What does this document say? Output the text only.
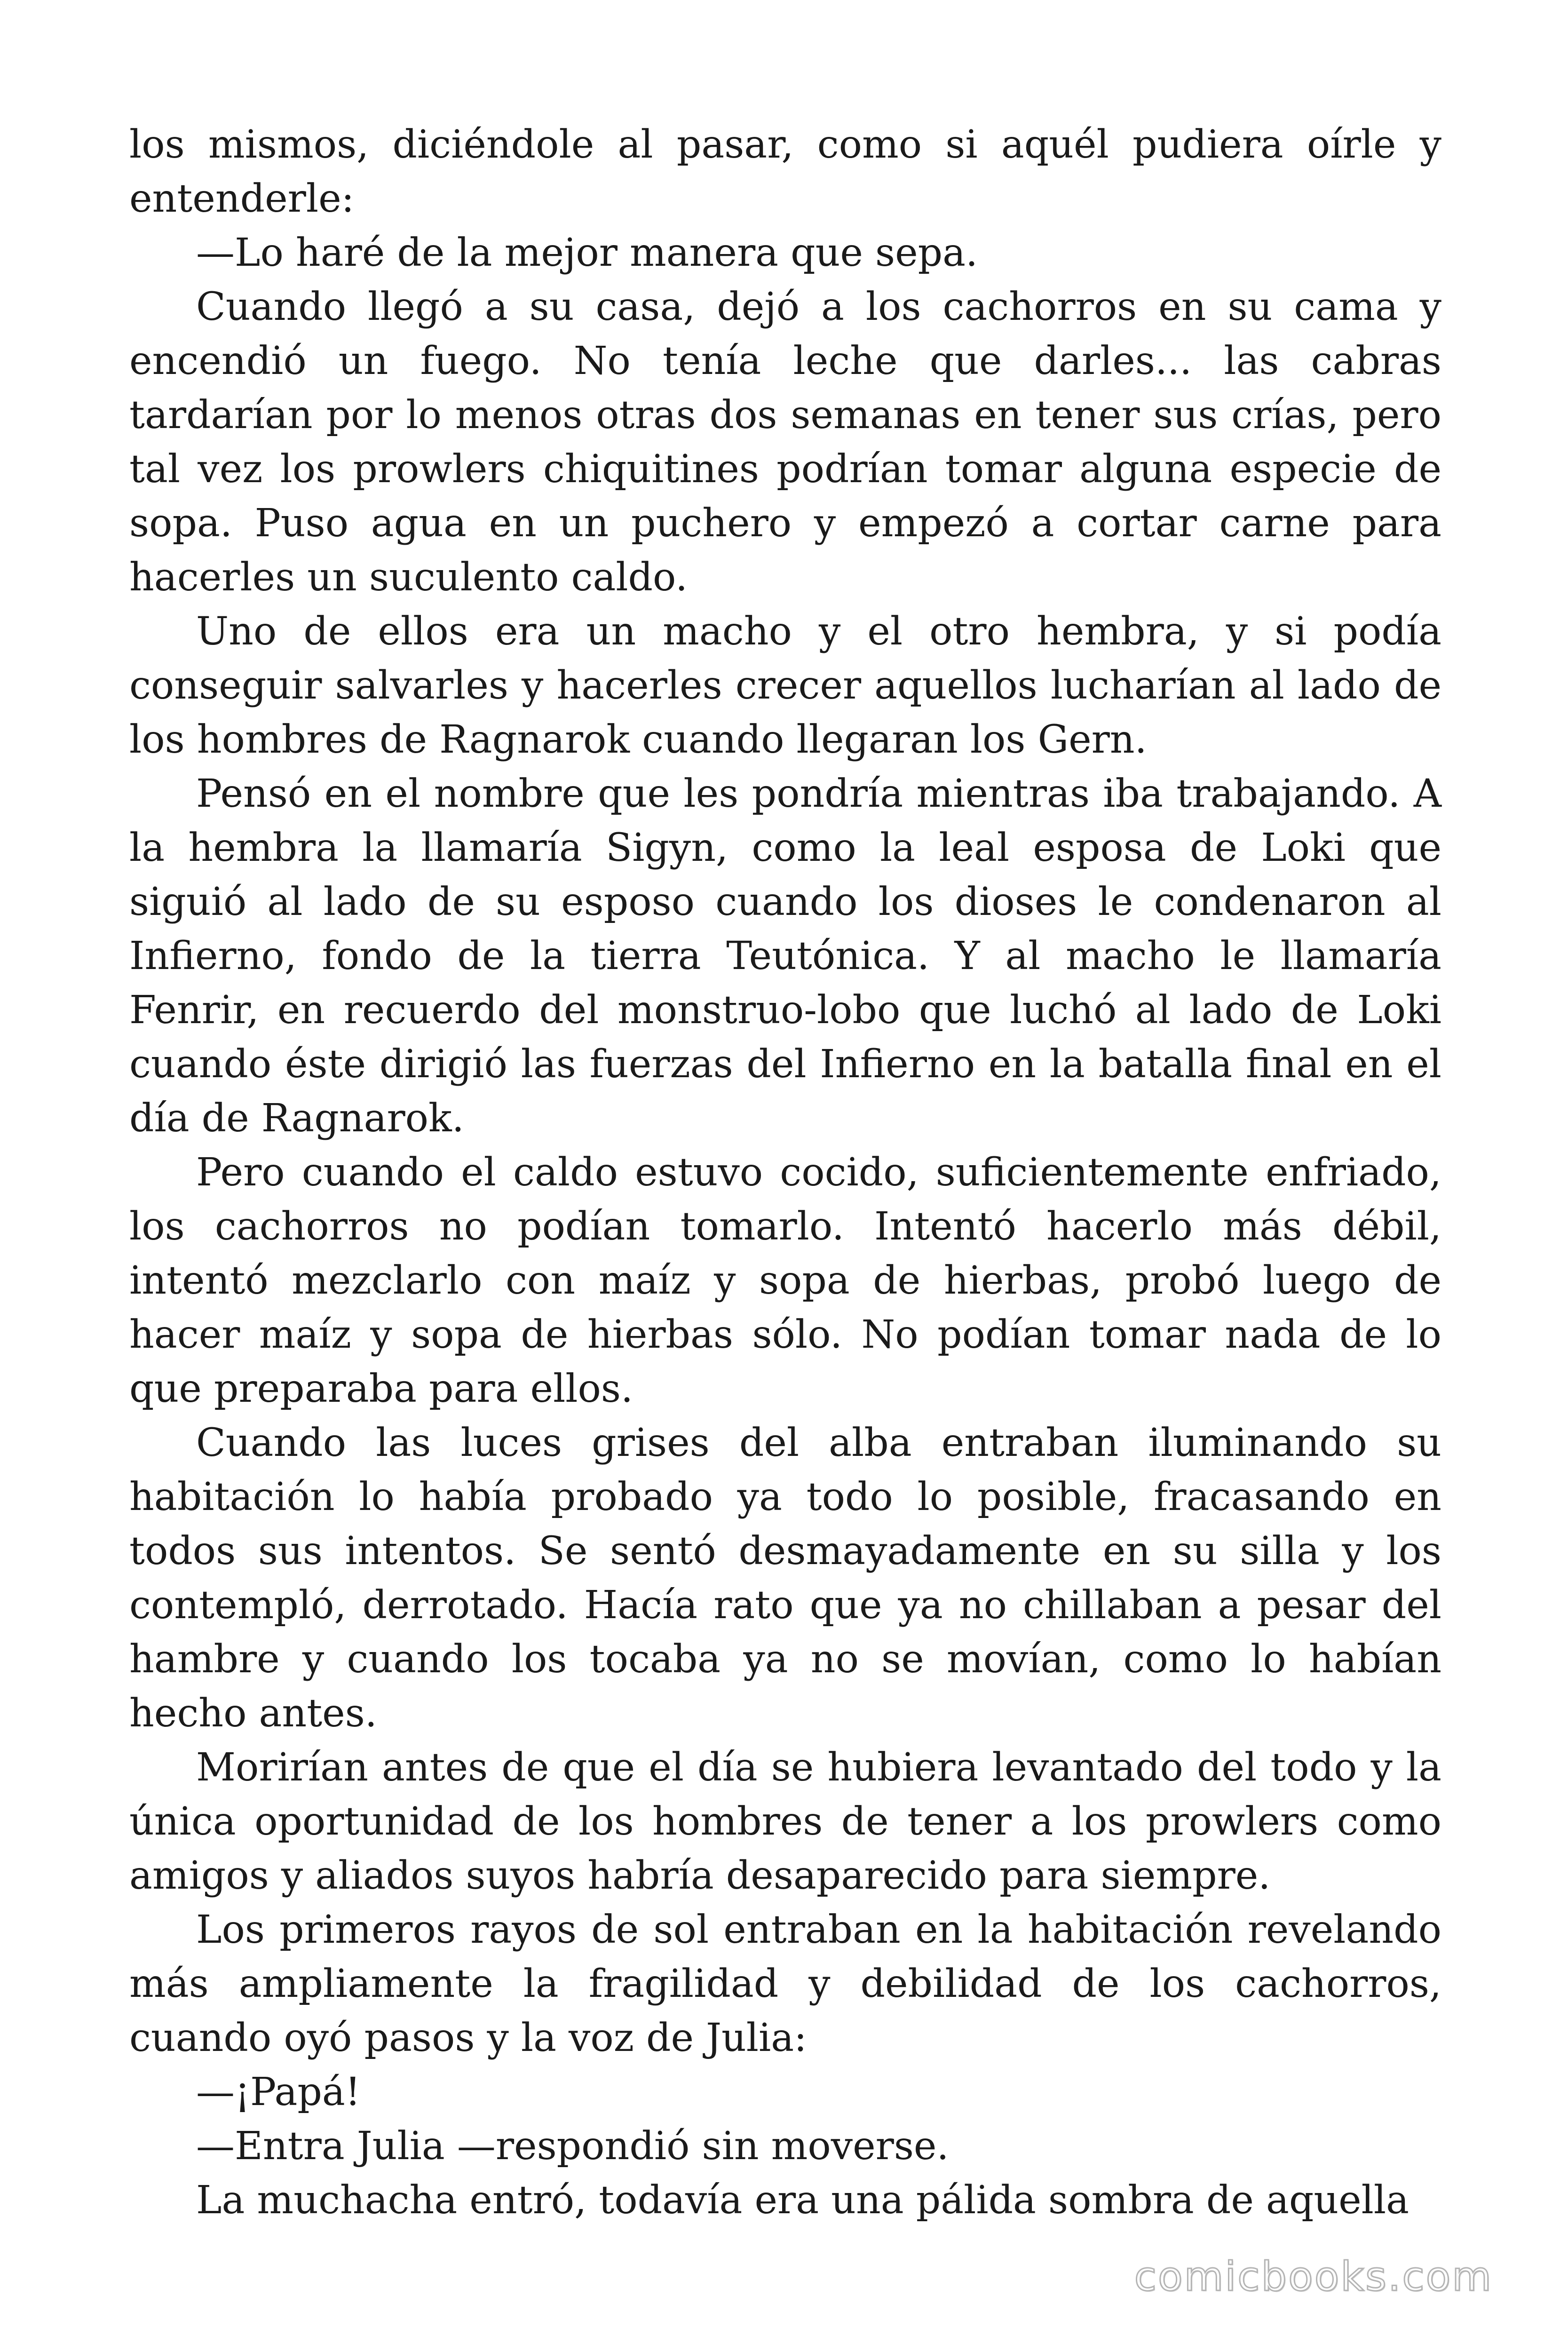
los mismos, diciéndole al pasar, como si aquél pudiera oírle y entenderle:

—Lo haré de la mejor manera que sepa.

Cuando llegó a su casa, dejó a los cachorros en su cama y encendió un fuego. No tenía leche que darles... las cabras tardarían por lo menos otras dos semanas en tener sus crías, pero tal vez los prowlers chiquitines podrían tomar alguna especie de sopa. Puso agua en un puchero y empezó a cortar carne para hacerles un suculento caldo.

Uno de ellos era un macho y el otro hembra, y si podía conseguir salvarles y hacerles crecer aquellos lucharían al lado de los hombres de Ragnarok cuando llegaran los Gern.

Pensó en el nombre que les pondría mientras iba trabajando. A la hembra la llamaría Sigyn, como la leal esposa de Loki que siguió al lado de su esposo cuando los dioses le condenaron al Infierno, fondo de la tierra Teutónica. Y al macho le llamaría Fenrir, en recuerdo del monstruo-lobo que luchó al lado de Loki cuando éste dirigió las fuerzas del Infierno en la batalla final en el día de Ragnarok.

Pero cuando el caldo estuvo cocido, suficientemente enfriado, los cachorros no podían tomarlo. Intentó hacerlo más débil, intentó mezclarlo con maíz y sopa de hierbas, probó luego de hacer maíz y sopa de hierbas sólo. No podían tomar nada de lo que preparaba para ellos.

Cuando las luces grises del alba entraban iluminando su habitación lo había probado ya todo lo posible, fracasando en todos sus intentos. Se sentó desmayadamente en su silla y los contempló, derrotado. Hacía rato que ya no chillaban a pesar del hambre y cuando los tocaba ya no se movían, como lo habían hecho antes.

Morirían antes de que el día se hubiera levantado del todo y la única oportunidad de los hombres de tener a los prowlers como amigos y aliados suyos habría desaparecido para siempre.

Los primeros rayos de sol entraban en la habitación revelando más ampliamente la fragilidad y debilidad de los cachorros, cuando oyó pasos y la voz de Julia:

—¡Papá!

—Entra Julia —respondió sin moverse.

La muchacha entró, todavía era una pálida sombra de aquella

comicbooks.com
